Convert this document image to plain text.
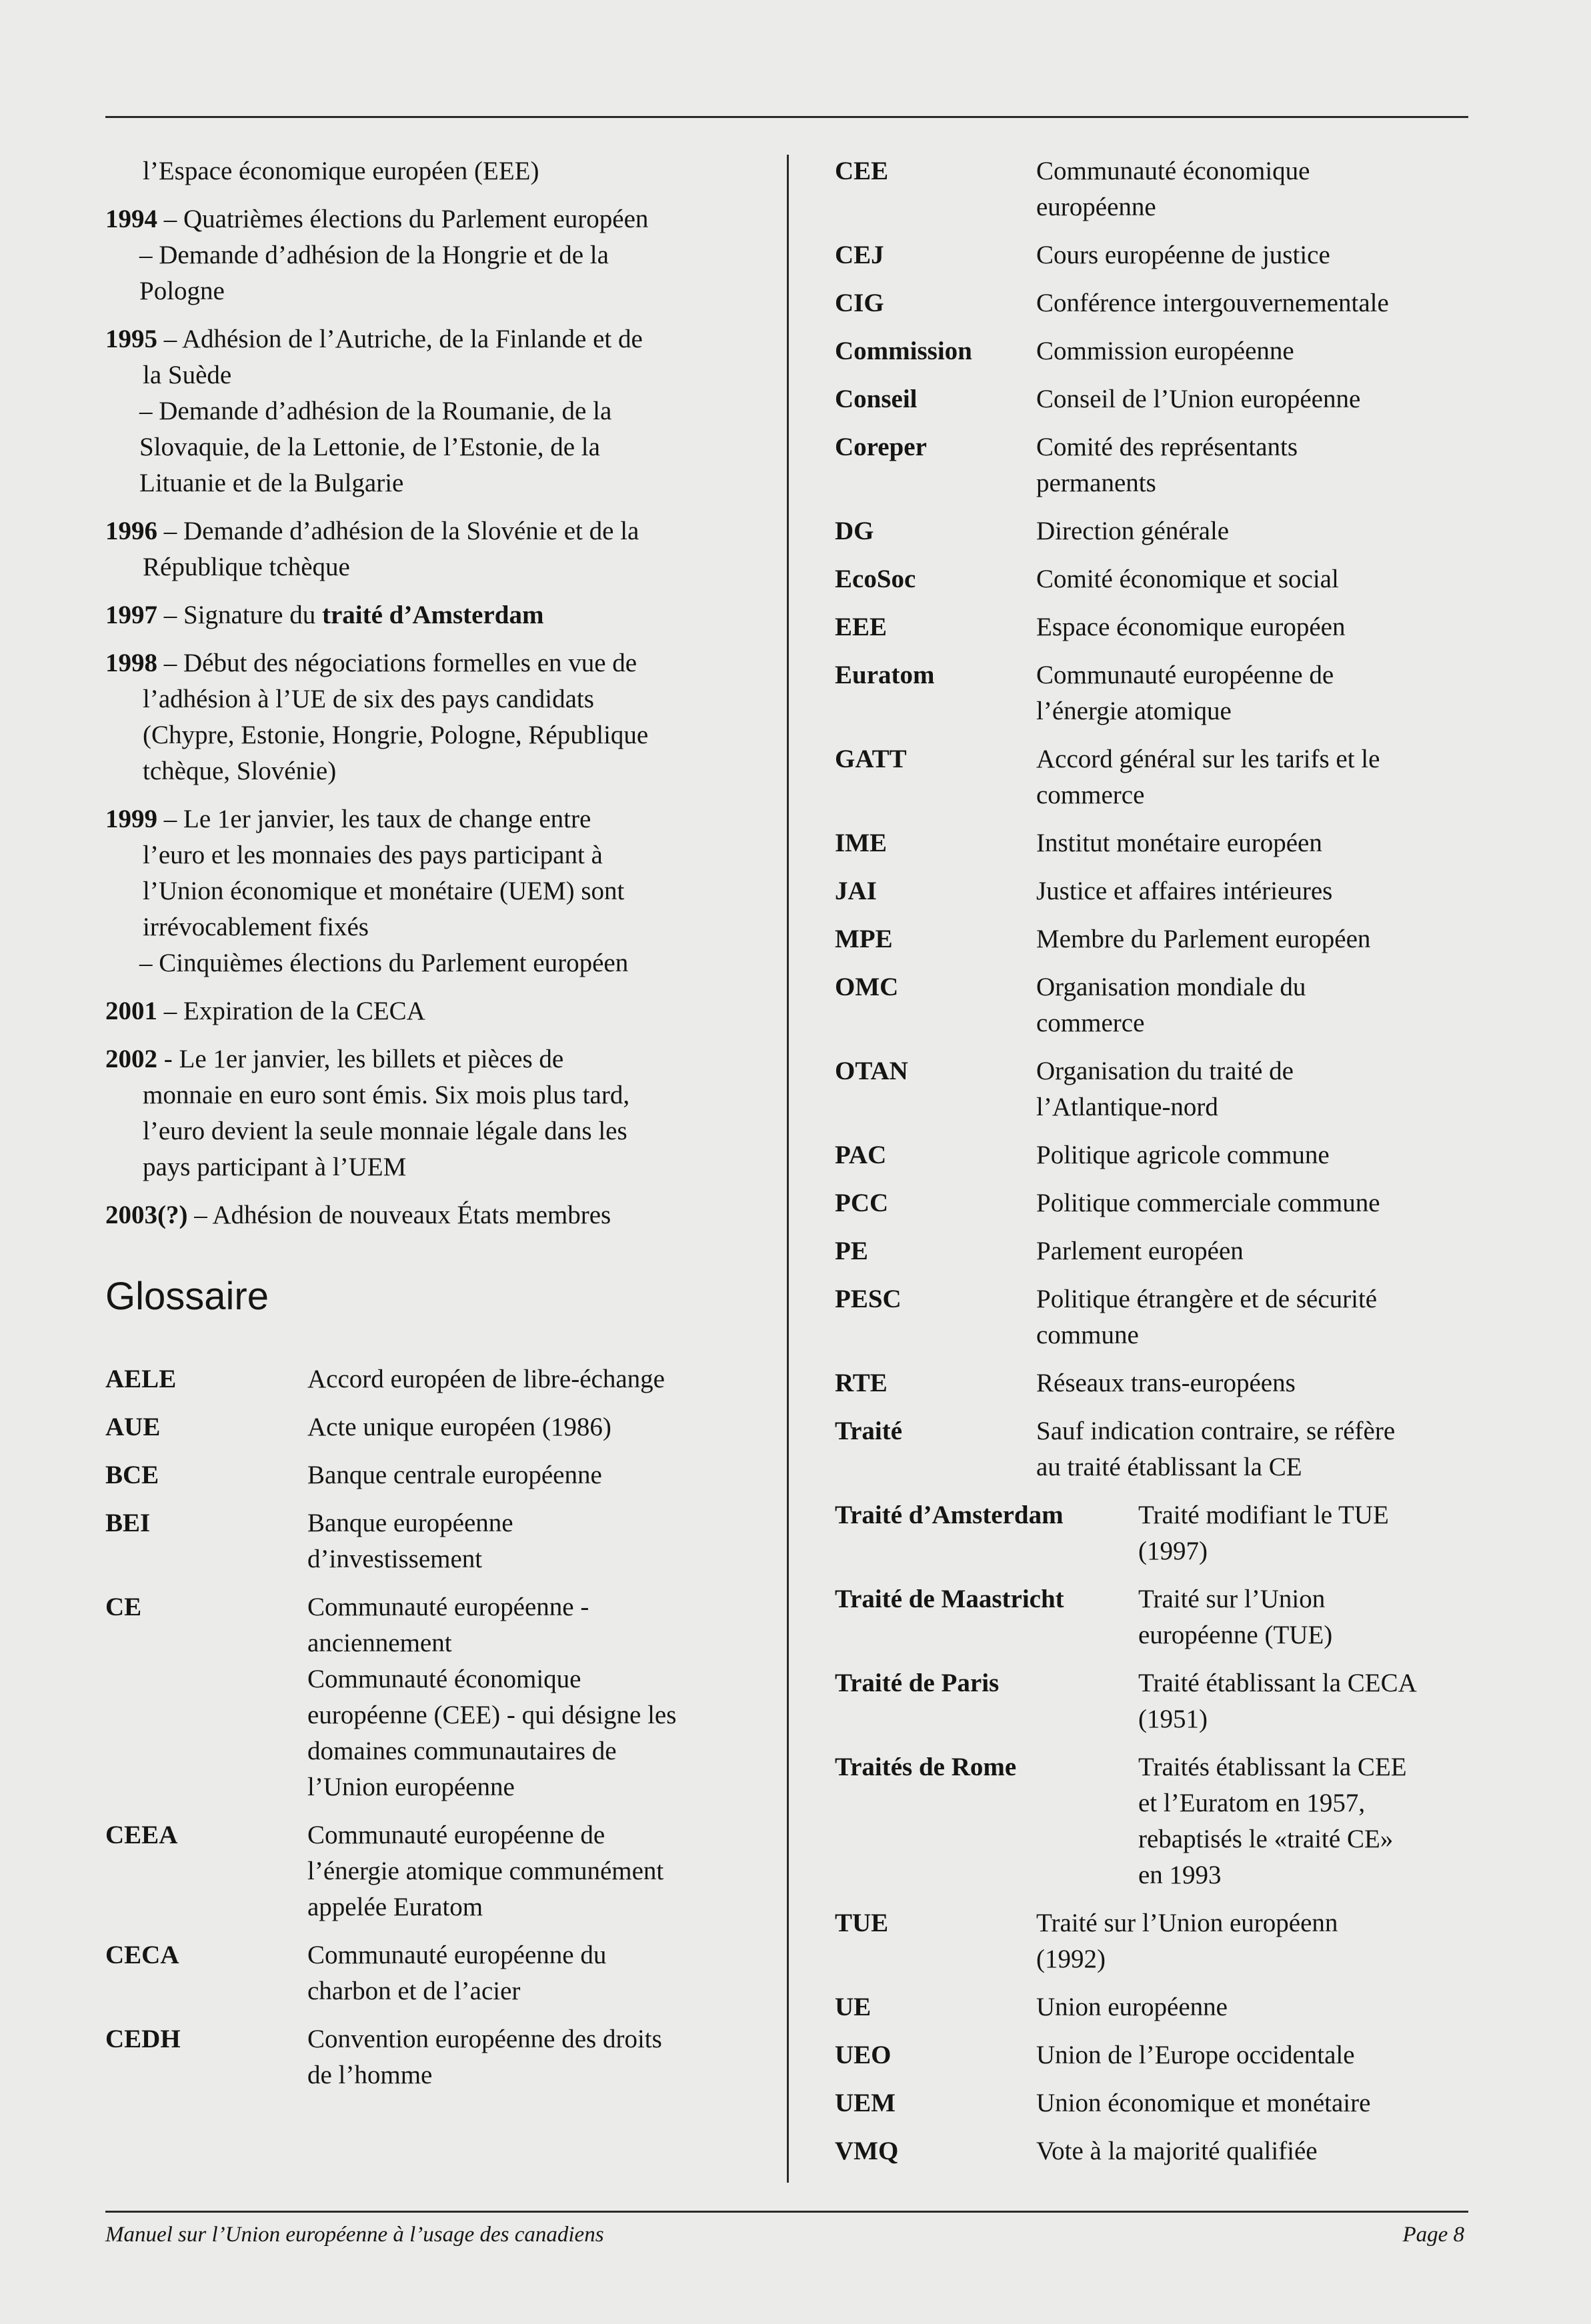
l’Espace économique européen (EEE)
1994 – Quatrièmes élections du Parlement européen
– Demande d’adhésion de la Hongrie et de la
Pologne
1995 – Adhésion de l’Autriche, de la Finlande et de
la Suède
– Demande d’adhésion de la Roumanie, de la
Slovaquie, de la Lettonie, de l’Estonie, de la
Lituanie et de la Bulgarie
1996 – Demande d’adhésion de la Slovénie et de la
République tchèque
1997 – Signature du traité d’Amsterdam
1998 – Début des négociations formelles en vue de
l’adhésion à l’UE de six des pays candidats
(Chypre, Estonie, Hongrie, Pologne, République
tchèque, Slovénie)
1999 – Le 1er janvier, les taux de change entre
l’euro et les monnaies des pays participant à
l’Union économique et monétaire (UEM) sont
irrévocablement fixés
– Cinquièmes élections du Parlement européen
2001 – Expiration de la CECA
2002 - Le 1er janvier, les billets et pièces de
monnaie en euro sont émis. Six mois plus tard,
l’euro devient la seule monnaie légale dans les
pays participant à l’UEM
2003(?) – Adhésion de nouveaux États membres
Glossaire
AELE	Accord européen de libre-échange
AUE	Acte unique européen (1986)
BCE	Banque centrale européenne
BEI	Banque européenne
d’investissement
CE	Communauté européenne -
anciennement
Communauté économique
européenne (CEE) - qui désigne les
domaines communautaires de
l’Union européenne
CEEA	Communauté européenne de
l’énergie atomique communément
appelée Euratom
CECA	Communauté européenne du
charbon et de l’acier
CEDH	Convention européenne des droits
de l’homme
CEE	Communauté économique
européenne
CEJ	Cours européenne de justice
CIG	Conférence intergouvernementale
Commission	Commission européenne
Conseil	Conseil de l’Union européenne
Coreper	Comité des représentants
permanents
DG	Direction générale
EcoSoc	Comité économique et social
EEE	Espace économique européen
Euratom	Communauté européenne de
l’énergie atomique
GATT	Accord général sur les tarifs et le
commerce
IME	Institut monétaire européen
JAI	Justice et affaires intérieures
MPE	Membre du Parlement européen
OMC	Organisation mondiale du
commerce
OTAN	Organisation du traité de
l’Atlantique-nord
PAC	Politique agricole commune
PCC	Politique commerciale commune
PE	Parlement européen
PESC	Politique étrangère et de sécurité
commune
RTE	Réseaux trans-européens
Traité	Sauf indication contraire, se réfère
au traité établissant la CE
Traité d’Amsterdam	Traité modifiant le TUE
(1997)
Traité de Maastricht	Traité sur l’Union
européenne (TUE)
Traité de Paris	Traité établissant la CECA
(1951)
Traités de Rome	Traités établissant la CEE
et l’Euratom en 1957,
rebaptisés le «traité CE»
en 1993
TUE	Traité sur l’Union européenn
(1992)
UE	Union européenne
UEO	Union de l’Europe occidentale
UEM	Union économique et monétaire
VMQ	Vote à la majorité qualifiée
Manuel sur l’Union européenne à l’usage des canadiens	Page 8
